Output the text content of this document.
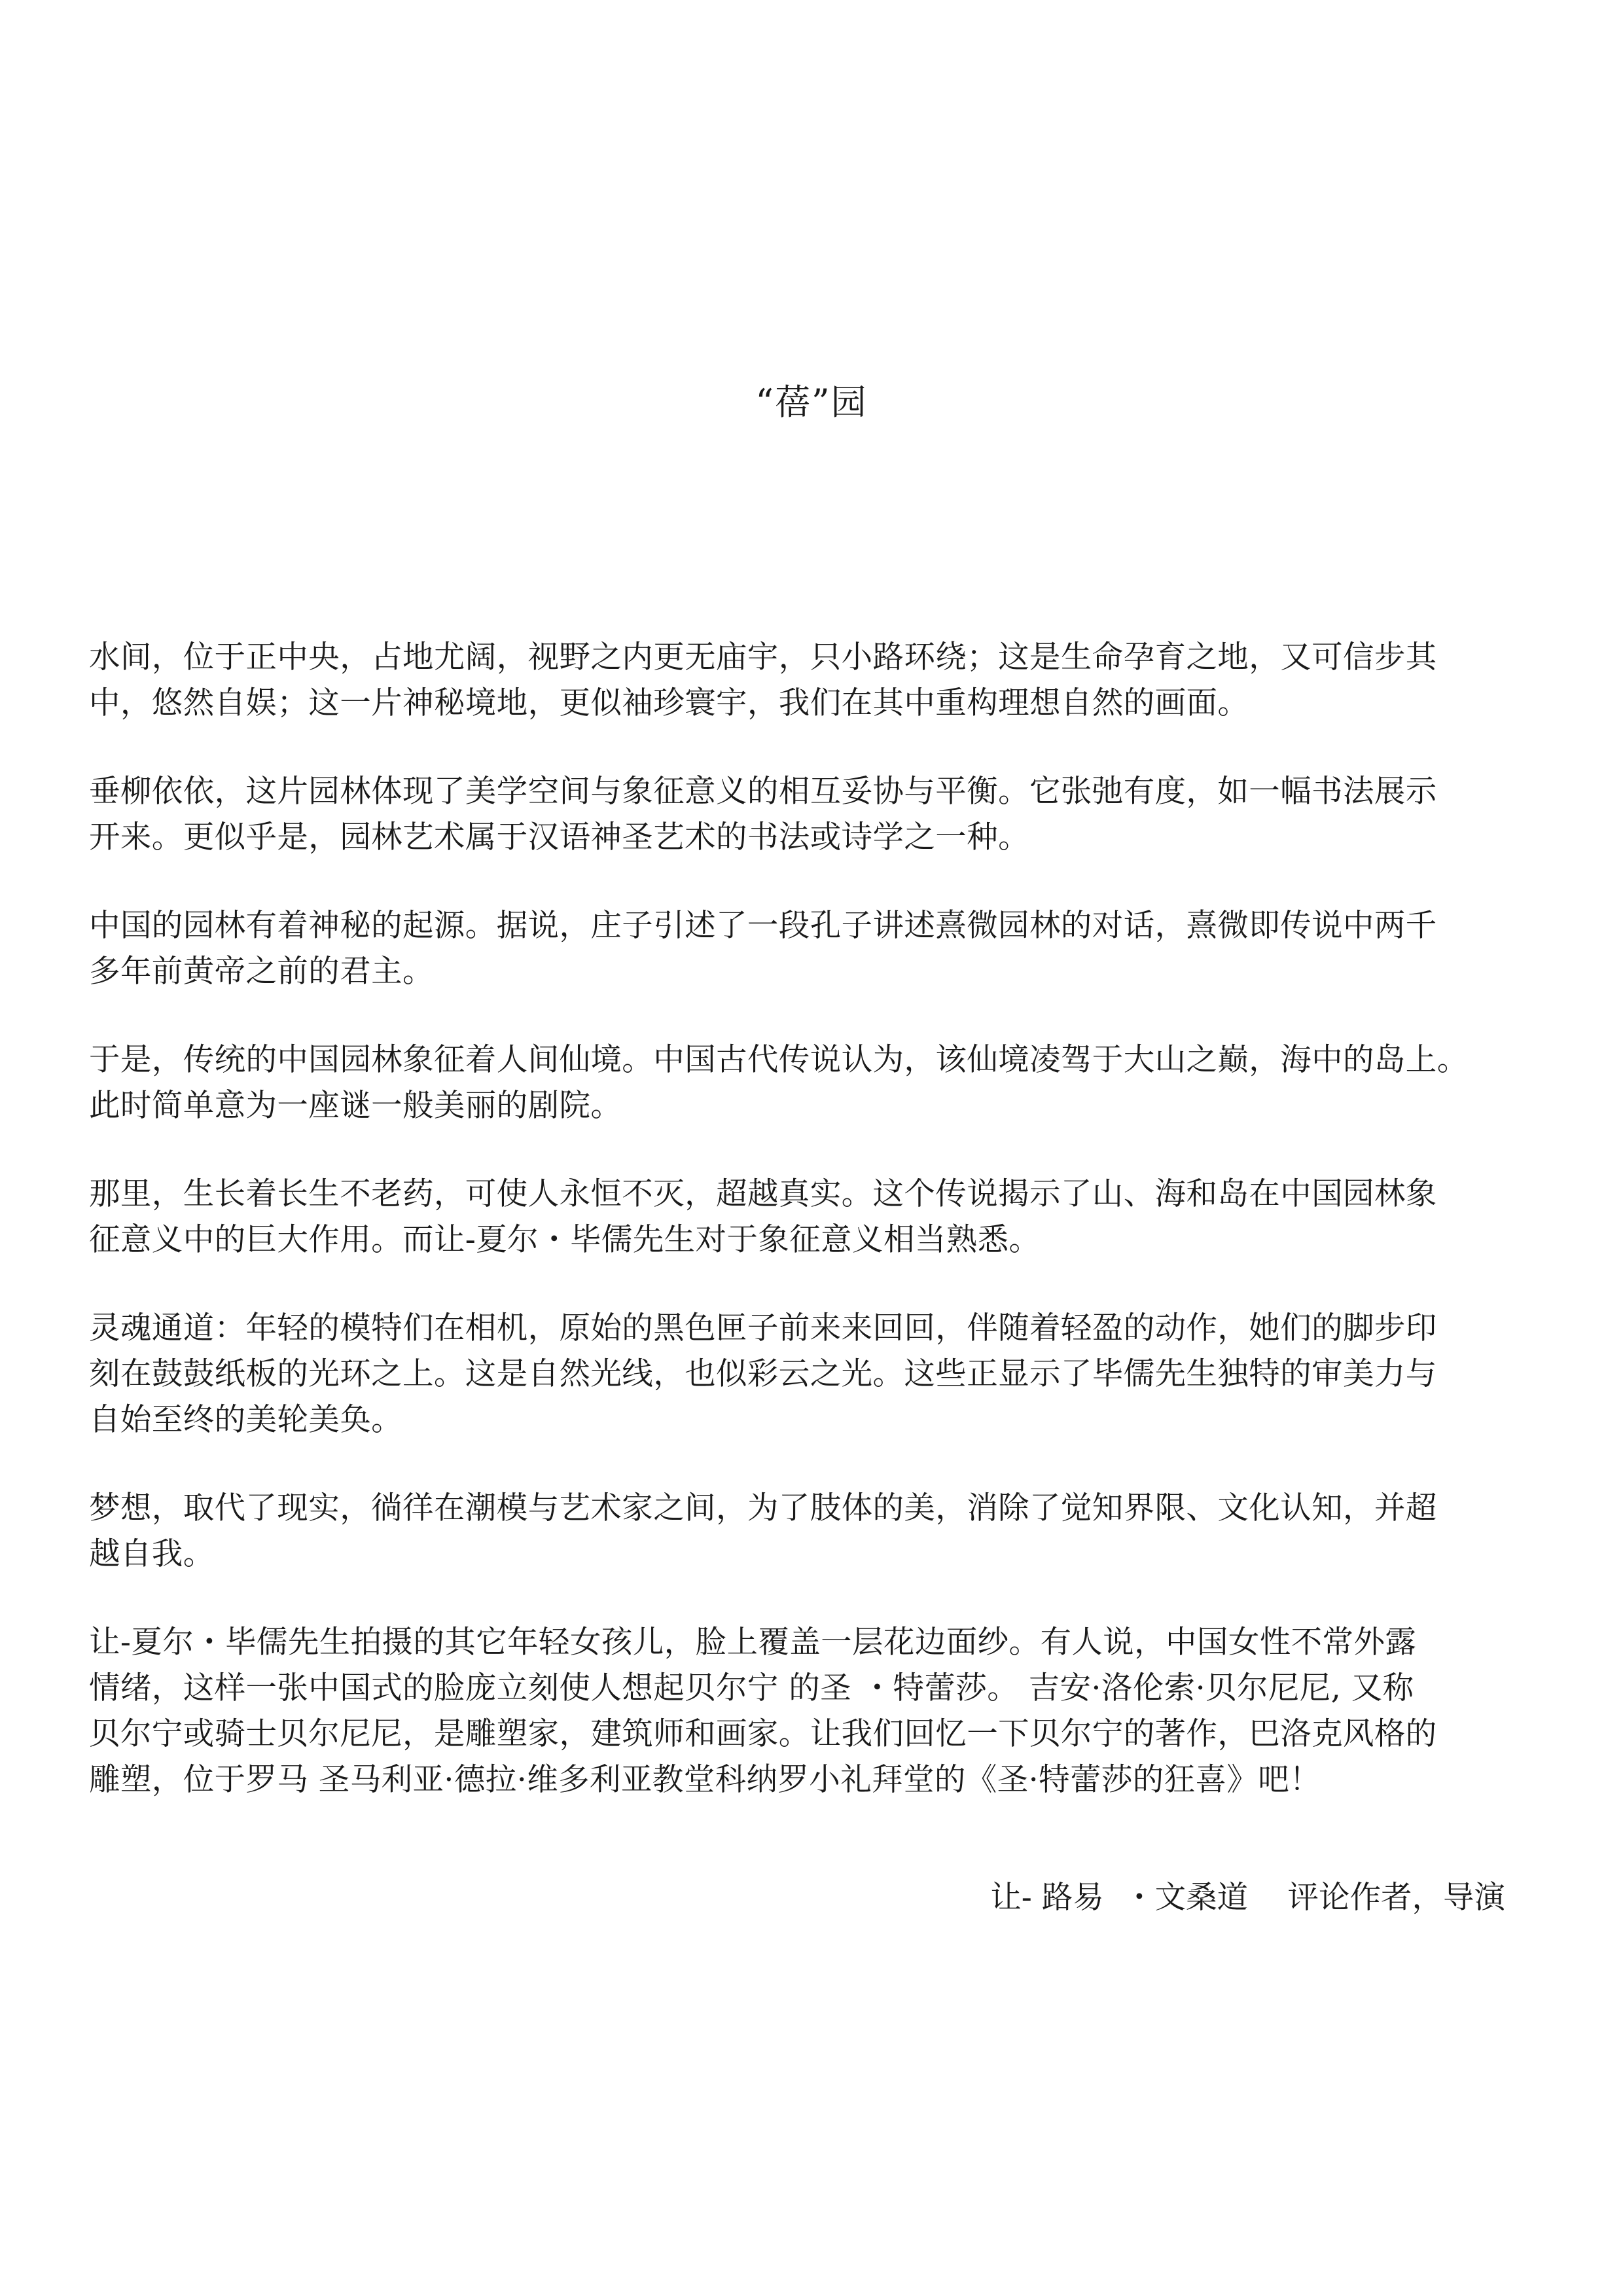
“蓓”园

水间，位于正中央，占地尤阔，视野之内更无庙宇，只小路环绕；这是生命孕育之地，又可信步其
中，悠然自娱；这一片神秘境地，更似袖珍寰宇，我们在其中重构理想自然的画面。

垂柳依依，这片园林体现了美学空间与象征意义的相互妥协与平衡。它张弛有度，如一幅书法展示
开来。更似乎是，园林艺术属于汉语神圣艺术的书法或诗学之一种。

中国的园林有着神秘的起源。据说，庄子引述了一段孔子讲述熹微园林的对话，熹微即传说中两千
多年前黄帝之前的君主。

于是，传统的中国园林象征着人间仙境。中国古代传说认为，该仙境凌驾于大山之巅，海中的岛上。
此时简单意为一座谜一般美丽的剧院。

那里，生长着长生不老药，可使人永恒不灭，超越真实。这个传说揭示了山、海和岛在中国园林象
征意义中的巨大作用。而让-夏尔・毕儒先生对于象征意义相当熟悉。

灵魂通道：年轻的模特们在相机，原始的黑色匣子前来来回回，伴随着轻盈的动作，她们的脚步印
刻在鼓鼓纸板的光环之上。这是自然光线，也似彩云之光。这些正显示了毕儒先生独特的审美力与
自始至终的美轮美奂。

梦想，取代了现实，徜徉在潮模与艺术家之间，为了肢体的美，消除了觉知界限、文化认知，并超
越自我。

让-夏尔・毕儒先生拍摄的其它年轻女孩儿，脸上覆盖一层花边面纱。有人说，中国女性不常外露
情绪，这样一张中国式的脸庞立刻使人想起贝尔宁 的圣 ・特蕾莎。 吉安·洛伦索·贝尔尼尼, 又称
贝尔宁或骑士贝尔尼尼，是雕塑家，建筑师和画家。让我们回忆一下贝尔宁的著作，巴洛克风格的
雕塑，位于罗马 圣马利亚·德拉·维多利亚教堂科纳罗小礼拜堂的《圣·特蕾莎的狂喜》吧！

让- 路易  ・文桑道    评论作者，导演
